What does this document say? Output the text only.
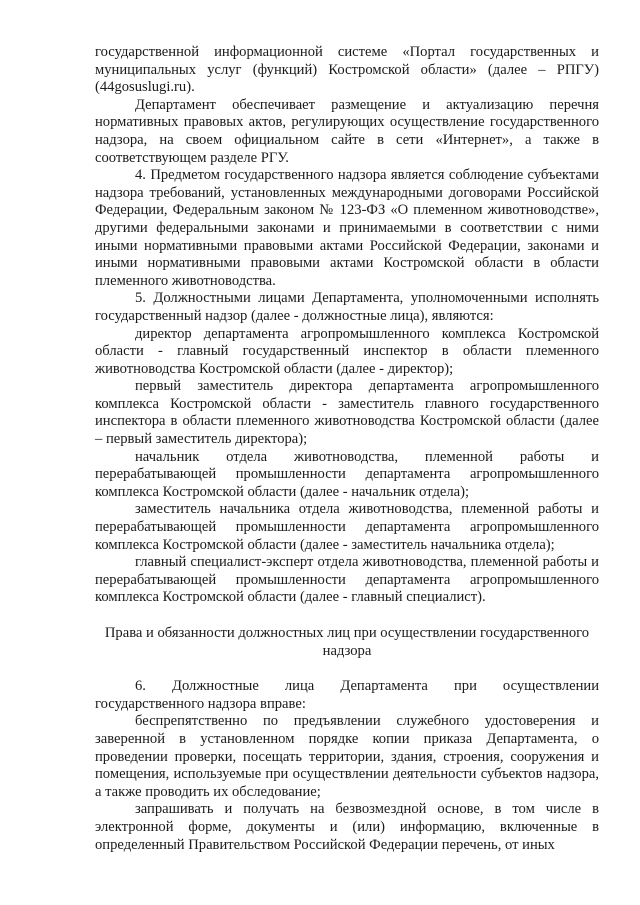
государственной информационной системе «Портал государственных и муниципальных услуг (функций) Костромской области» (далее – РПГУ) (44gosuslugi.ru).

Департамент обеспечивает размещение и актуализацию перечня нормативных правовых актов, регулирующих осуществление государственного надзора, на своем официальном сайте в сети «Интернет», а также в соответствующем разделе РГУ.

4. Предметом государственного надзора является соблюдение субъектами надзора требований, установленных международными договорами Российской Федерации, Федеральным законом № 123-ФЗ «О племенном животноводстве», другими федеральными законами и принимаемыми в соответствии с ними иными нормативными правовыми актами Российской Федерации, законами и иными нормативными правовыми актами Костромской области в области племенного животноводства.

5. Должностными лицами Департамента, уполномоченными исполнять государственный надзор (далее - должностные лица), являются:

директор департамента агропромышленного комплекса Костромской области - главный государственный инспектор в области племенного животноводства Костромской области (далее - директор);

первый заместитель директора департамента агропромышленного комплекса Костромской области - заместитель главного государственного инспектора в области племенного животноводства Костромской области (далее – первый заместитель директора);

начальник отдела животноводства, племенной работы и перерабатывающей промышленности департамента агропромышленного комплекса Костромской области (далее - начальник отдела);

заместитель начальника отдела животноводства, племенной работы и перерабатывающей промышленности департамента агропромышленного комплекса Костромской области (далее - заместитель начальника отдела);

главный специалист-эксперт отдела животноводства, племенной работы и перерабатывающей промышленности департамента агропромышленного комплекса Костромской области (далее - главный специалист).

Права и обязанности должностных лиц при осуществлении государственного надзора

6. Должностные лица Департамента при осуществлении государственного надзора вправе:

беспрепятственно по предъявлении служебного удостоверения и заверенной в установленном порядке копии приказа Департамента, о проведении проверки, посещать территории, здания, строения, сооружения и помещения, используемые при осуществлении деятельности субъектов надзора, а также проводить их обследование;

запрашивать и получать на безвозмездной основе, в том числе в электронной форме, документы и (или) информацию, включенные в определенный Правительством Российской Федерации перечень, от иных
